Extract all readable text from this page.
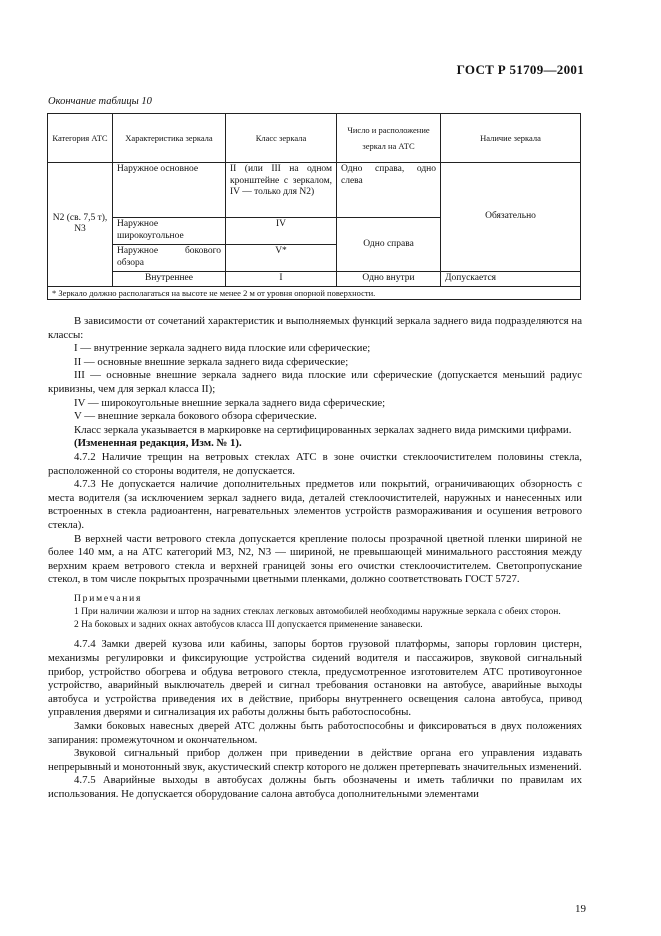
ГОСТ Р 51709—2001
Окончание таблицы 10
Категория АТС	Характеристика зеркала	Класс зеркала	Число и расположение зеркал на АТС	Наличие зеркала
N2 (св. 7,5 т), N3	Наружное основное	II (или III на одном кронштейне с зеркалом, IV — только для N2)	Одно справа, одно слева	Обязательно
	Наружное широкоугольное	IV	Одно справа	
	Наружное бокового обзора	V*		
	Внутреннее	I	Одно внутри	Допускается
* Зеркало должно располагаться на высоте не менее 2 м от уровня опорной поверхности.				

В зависимости от сочетаний характеристик и выполняемых функций зеркала заднего вида подразделяются на классы:

I — внутренние зеркала заднего вида плоские или сферические;

II — основные внешние зеркала заднего вида сферические;

III — основные внешние зеркала заднего вида плоские или сферические (допускается меньший радиус кривизны, чем для зеркал класса II);

IV — широкоугольные внешние зеркала заднего вида сферические;

V — внешние зеркала бокового обзора сферические.

Класс зеркала указывается в маркировке на сертифицированных зеркалах заднего вида римскими цифрами.

(Измененная редакция, Изм. № 1).

4.7.2 Наличие трещин на ветровых стеклах АТС в зоне очистки стеклоочистителем половины стекла, расположенной со стороны водителя, не допускается.

4.7.3 Не допускается наличие дополнительных предметов или покрытий, ограничивающих обзорность с места водителя (за исключением зеркал заднего вида, деталей стеклоочистителей, наружных и нанесенных или встроенных в стекла радиоантенн, нагревательных элементов устройств размораживания и осушения ветрового стекла).

В верхней части ветрового стекла допускается крепление полосы прозрачной цветной пленки шириной не более 140 мм, а на АТС категорий M3, N2, N3 — шириной, не превышающей минимального расстояния между верхним краем ветрового стекла и верхней границей зоны его очистки стеклоочистителем. Светопропускание стекол, в том числе покрытых прозрачными цветными пленками, должно соответствовать ГОСТ 5727.

Примечания

1 При наличии жалюзи и штор на задних стеклах легковых автомобилей необходимы наружные зеркала с обеих сторон.

2 На боковых и задних окнах автобусов класса III допускается применение занавески.

4.7.4 Замки дверей кузова или кабины, запоры бортов грузовой платформы, запоры горловин цистерн, механизмы регулировки и фиксирующие устройства сидений водителя и пассажиров, звуковой сигнальный прибор, устройство обогрева и обдува ветрового стекла, предусмотренное изготовителем АТС противоугонное устройство, аварийный выключатель дверей и сигнал требования остановки на автобусе, аварийные выходы автобуса и устройства приведения их в действие, приборы внутреннего освещения салона автобуса, привод управления дверями и сигнализация их работы должны быть работоспособны.

Замки боковых навесных дверей АТС должны быть работоспособны и фиксироваться в двух положениях запирания: промежуточном и окончательном.

Звуковой сигнальный прибор должен при приведении в действие органа его управления издавать непрерывный и монотонный звук, акустический спектр которого не должен претерпевать значительных изменений.

4.7.5 Аварийные выходы в автобусах должны быть обозначены и иметь таблички по правилам их использования. Не допускается оборудование салона автобуса дополнительными элементами

19
